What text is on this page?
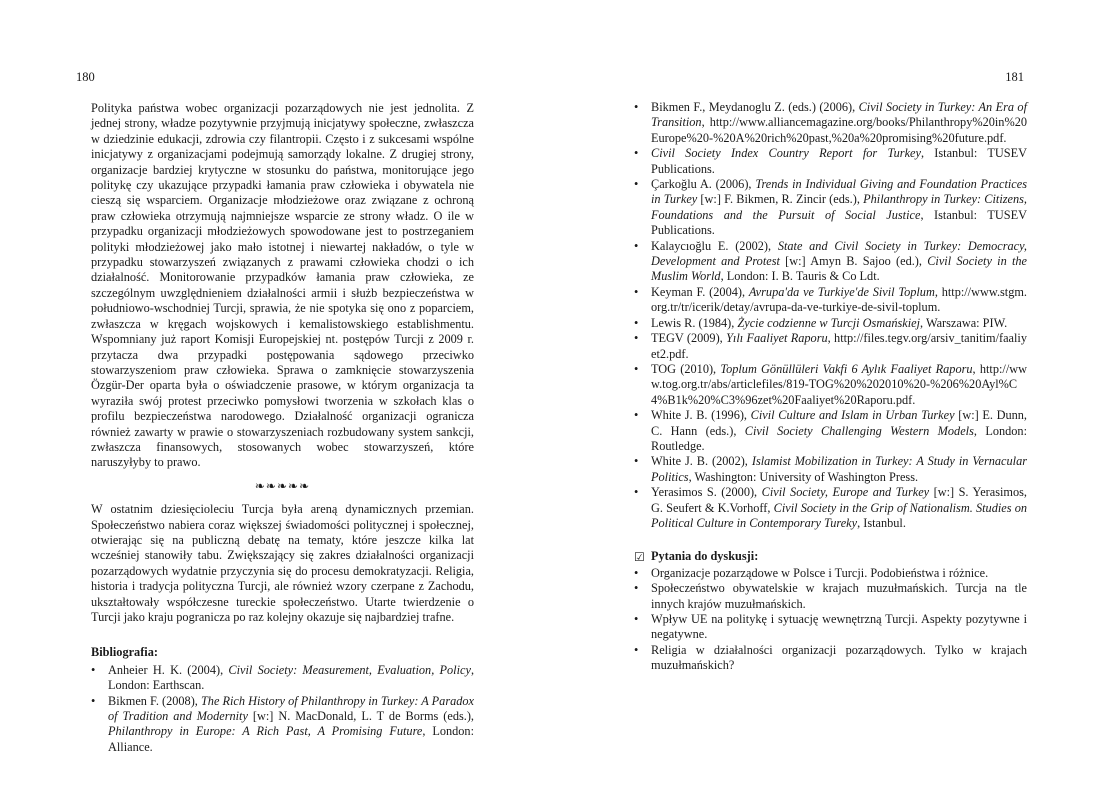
180

Polityka państwa wobec organizacji pozarządowych nie jest jednolita. Z jednej strony, władze pozytywnie przyjmują inicjatywy społeczne, zwłaszcza w dziedzinie edukacji, zdrowia czy filantropii. Często i z sukcesami wspólne inicjatywy z organizacjami podejmują samorządy lokalne. Z drugiej strony, organizacje bardziej krytyczne w stosunku do państwa, monitorujące jego politykę czy ukazujące przypadki łamania praw człowieka i obywatela nie cieszą się wsparciem. Organizacje młodzieżowe oraz związane z ochroną praw człowieka otrzymują najmniejsze wsparcie ze strony władz. O ile w przypadku organizacji młodzieżowych spowodowane jest to postrzeganiem polityki młodzieżowej jako mało istotnej i niewartej nakładów, o tyle w przypadku stowarzyszeń związanych z prawami człowieka chodzi o ich działalność. Monitorowanie przypadków łamania praw człowieka, ze szczególnym uwzględnieniem działalności armii i służb bezpieczeństwa w południowo-wschodniej Turcji, sprawia, że nie spotyka się ono z poparciem, zwłaszcza w kręgach wojskowych i kemalistowskiego establishmentu. Wspomniany już raport Komisji Europejskiej nt. postępów Turcji z 2009 r. przytacza dwa przypadki postępowania sądowego przeciwko stowarzyszeniom praw człowieka. Sprawa o zamknięcie stowarzyszenia Özgür-Der oparta była o oświadczenie prasowe, w którym organizacja ta wyraziła swój protest przeciwko pomysłowi tworzenia w szkołach klas o profilu bezpieczeństwa narodowego. Działalność organizacji ogranicza również zawarty w prawie o stowarzyszeniach rozbudowany system sankcji, zwłaszcza finansowych, stosowanych wobec stowarzyszeń, które naruszyłyby to prawo.

❧❧❧❧❧

W ostatnim dziesięcioleciu Turcja była areną dynamicznych przemian. Społeczeństwo nabiera coraz większej świadomości politycznej i społecznej, otwierając się na publiczną debatę na tematy, które jeszcze kilka lat wcześniej stanowiły tabu. Zwiększający się zakres działalności organizacji pozarządowych wydatnie przyczynia się do procesu demokratyzacji. Religia, historia i tradycja polityczna Turcji, ale również wzory czerpane z Zachodu, ukształtowały współczesne tureckie społeczeństwo. Utarte twierdzenie o Turcji jako kraju pogranicza po raz kolejny okazuje się najbardziej trafne.

Bibliografia:
•	Anheier H. K. (2004), Civil Society: Measurement, Evaluation, Policy, London: Earthscan.
•	Bikmen F. (2008), The Rich History of Philanthropy in Turkey: A Paradox of Tradition and Modernity [w:] N. MacDonald, L. T de Borms (eds.), Philanthropy in Europe: A Rich Past, A Promising Future, London: Alliance.
181
•	Bikmen F., Meydanoglu Z. (eds.) (2006), Civil Society in Turkey: An Era of Transition, http://www.alliancemagazine.org/books/Philanthropy%20in%20Europe%20-%20A%20rich%20past,%20a%20promising%20future.pdf.
•	Civil Society Index Country Report for Turkey, Istanbul: TUSEV Publications.
•	Çarkoğlu A. (2006), Trends in Individual Giving and Foundation Practices in Turkey [w:] F. Bikmen, R. Zincir (eds.), Philanthropy in Turkey: Citizens, Foundations and the Pursuit of Social Justice, Istanbul: TUSEV Publications.
•	Kalaycıoğlu E. (2002), State and Civil Society in Turkey: Democracy, Development and Protest [w:] Amyn B. Sajoo (ed.), Civil Society in the Muslim World, London: I. B. Tauris & Co Ldt.
•	Keyman F. (2004), Avrupa'da ve Turkiye'de Sivil Toplum, http://www.stgm.org.tr/tr/icerik/detay/avrupa-da-ve-turkiye-de-sivil-toplum.
•	Lewis R. (1984), Życie codzienne w Turcji Osmańskiej, Warszawa: PIW.
•	TEGV (2009), Yılı Faaliyet Raporu, http://files.tegv.org/arsiv_tanitim/faaliyet2.pdf.
•	TOG (2010), Toplum Gönüllüleri Vakfi 6 Aylık Faaliyet Raporu, http://www.tog.org.tr/abs/articlefiles/819-TOG%20%202010%20-%206%20Ayl%C4%B1k%20%C3%96zet%20Faaliyet%20Raporu.pdf.
•	White J. B. (1996), Civil Culture and Islam in Urban Turkey [w:] E. Dunn, C. Hann (eds.), Civil Society Challenging Western Models, London: Routledge.
•	White J. B. (2002), Islamist Mobilization in Turkey: A Study in Vernacular Politics, Washington: University of Washington Press.
•	Yerasimos S. (2000), Civil Society, Europe and Turkey [w:] S. Yerasimos, G. Seufert & K.Vorhoff, Civil Society in the Grip of Nationalism. Studies on Political Culture in Contemporary Tureky, Istanbul.
☑ Pytania do dyskusji:
•	Organizacje pozarządowe w Polsce i Turcji. Podobieństwa i różnice.
•	Społeczeństwo obywatelskie w krajach muzułmańskich. Turcja na tle innych krajów muzułmańskich.
•	Wpływ UE na politykę i sytuację wewnętrzną Turcji. Aspekty pozytywne i negatywne.
•	Religia w działalności organizacji pozarządowych. Tylko w krajach muzułmańskich?
